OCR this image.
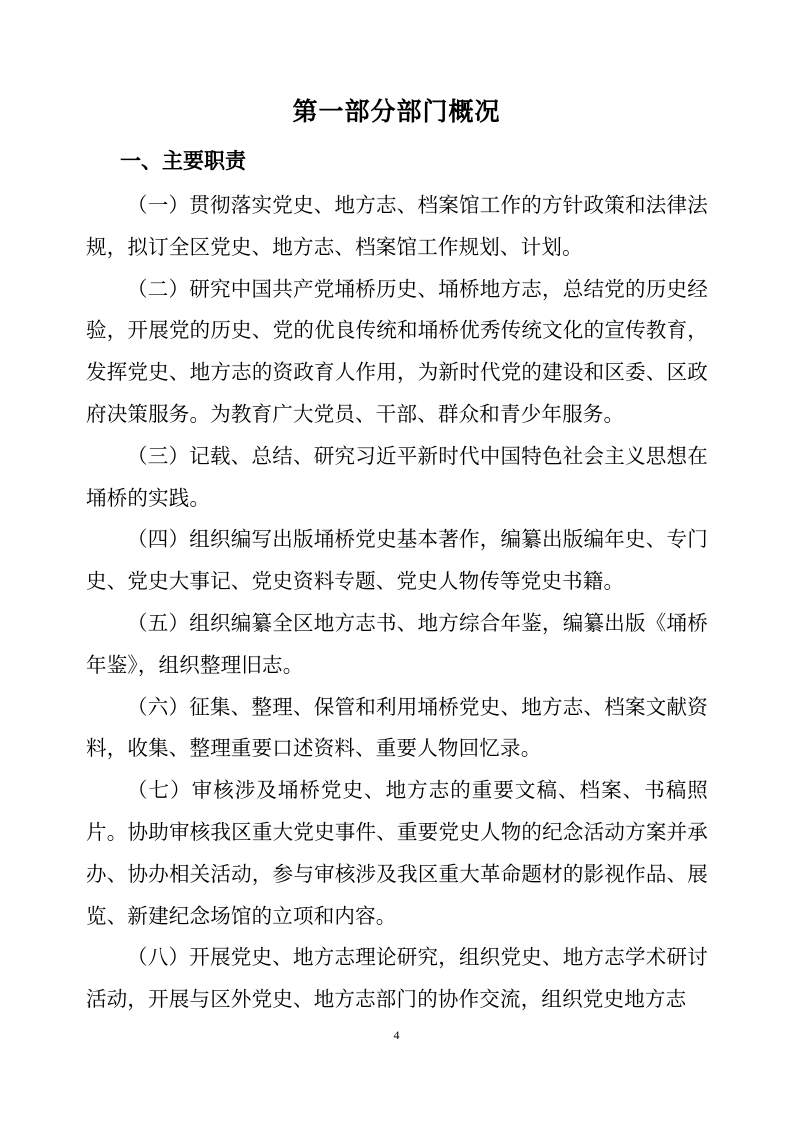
第一部分部门概况
一、主要职责

（一）贯彻落实党史、地方志、档案馆工作的方针政策和法律法规，拟订全区党史、地方志、档案馆工作规划、计划。

（二）研究中国共产党埇桥历史、埇桥地方志，总结党的历史经验，开展党的历史、党的优良传统和埇桥优秀传统文化的宣传教育，发挥党史、地方志的资政育人作用，为新时代党的建设和区委、区政府决策服务。为教育广大党员、干部、群众和青少年服务。

（三）记载、总结、研究习近平新时代中国特色社会主义思想在埇桥的实践。

（四）组织编写出版埇桥党史基本著作，编纂出版编年史、专门史、党史大事记、党史资料专题、党史人物传等党史书籍。

（五）组织编纂全区地方志书、地方综合年鉴，编纂出版《埇桥年鉴》，组织整理旧志。

（六）征集、整理、保管和利用埇桥党史、地方志、档案文献资料，收集、整理重要口述资料、重要人物回忆录。

（七）审核涉及埇桥党史、地方志的重要文稿、档案、书稿照片。协助审核我区重大党史事件、重要党史人物的纪念活动方案并承办、协办相关活动，参与审核涉及我区重大革命题材的影视作品、展览、新建纪念场馆的立项和内容。

（八）开展党史、地方志理论研究，组织党史、地方志学术研讨活动，开展与区外党史、地方志部门的协作交流，组织党史地方志

4
